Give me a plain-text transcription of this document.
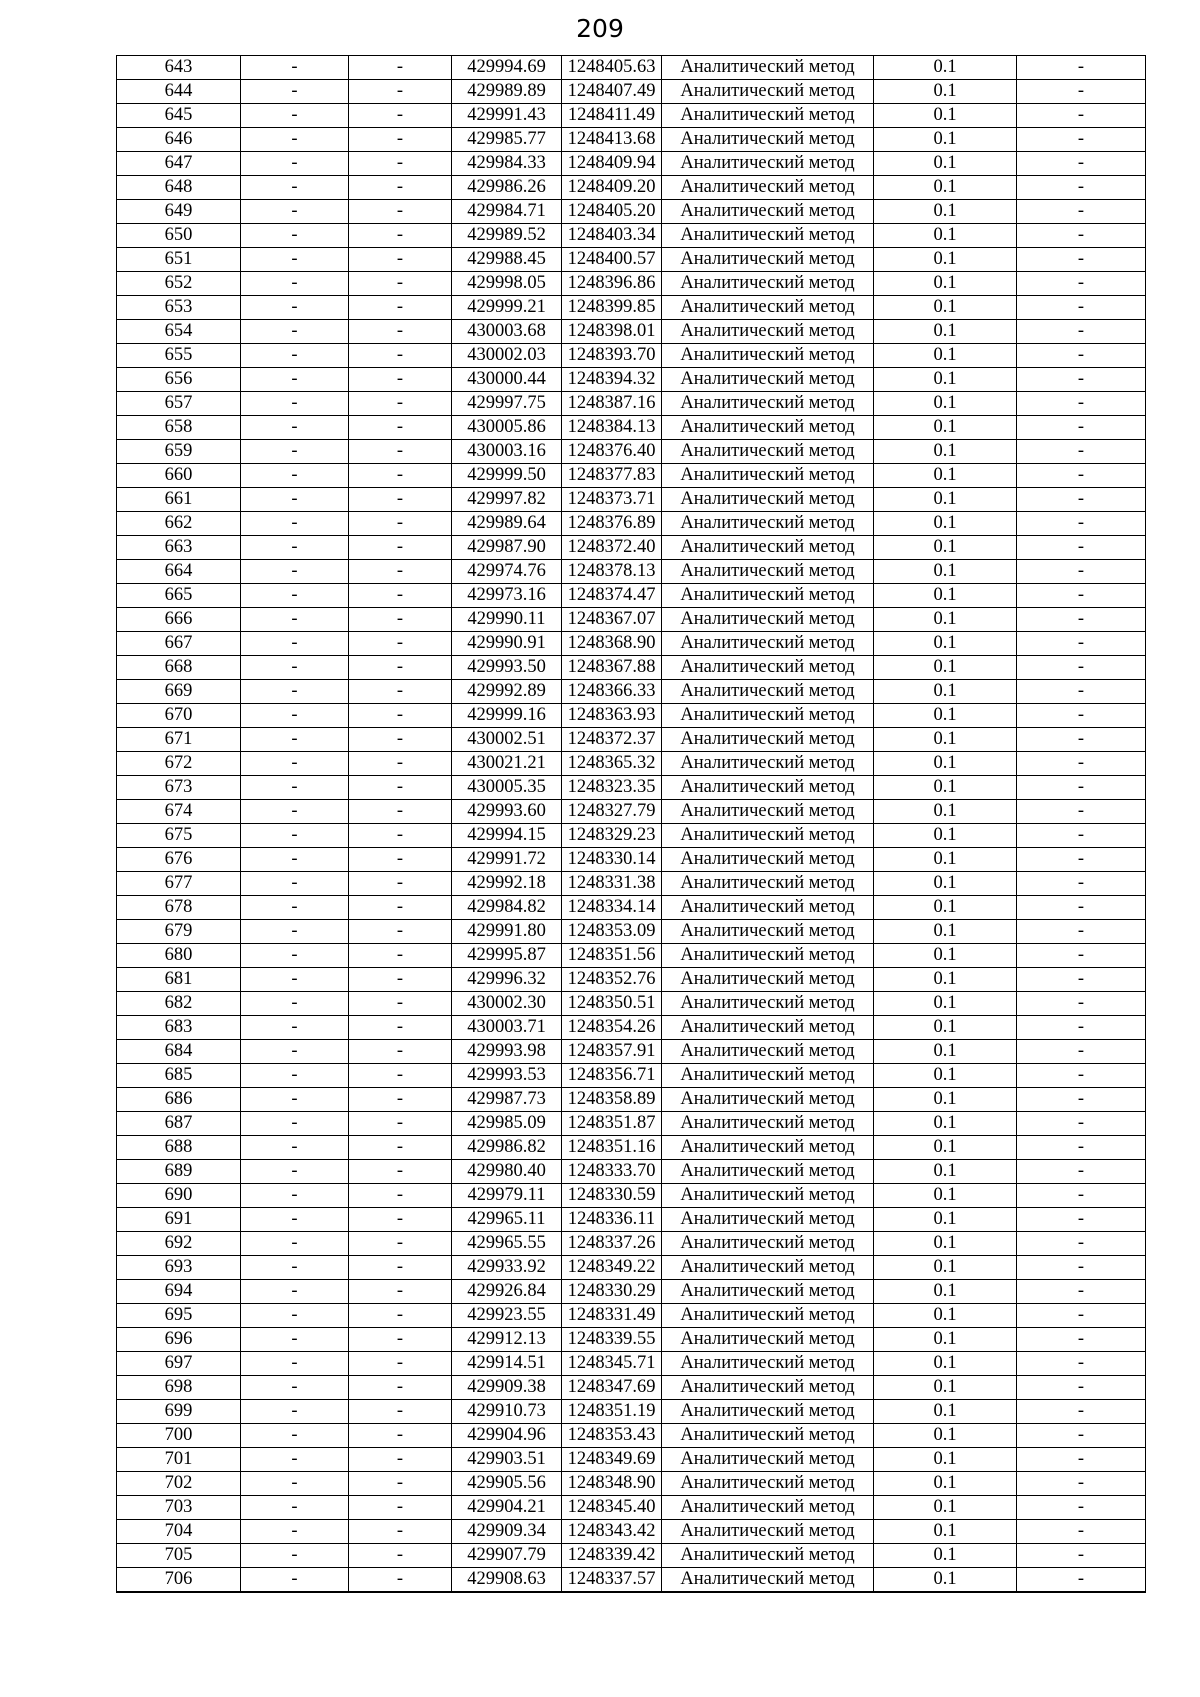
209
643	-	-	429994.69	1248405.63	Аналитический метод	0.1	-
644	-	-	429989.89	1248407.49	Аналитический метод	0.1	-
645	-	-	429991.43	1248411.49	Аналитический метод	0.1	-
646	-	-	429985.77	1248413.68	Аналитический метод	0.1	-
647	-	-	429984.33	1248409.94	Аналитический метод	0.1	-
648	-	-	429986.26	1248409.20	Аналитический метод	0.1	-
649	-	-	429984.71	1248405.20	Аналитический метод	0.1	-
650	-	-	429989.52	1248403.34	Аналитический метод	0.1	-
651	-	-	429988.45	1248400.57	Аналитический метод	0.1	-
652	-	-	429998.05	1248396.86	Аналитический метод	0.1	-
653	-	-	429999.21	1248399.85	Аналитический метод	0.1	-
654	-	-	430003.68	1248398.01	Аналитический метод	0.1	-
655	-	-	430002.03	1248393.70	Аналитический метод	0.1	-
656	-	-	430000.44	1248394.32	Аналитический метод	0.1	-
657	-	-	429997.75	1248387.16	Аналитический метод	0.1	-
658	-	-	430005.86	1248384.13	Аналитический метод	0.1	-
659	-	-	430003.16	1248376.40	Аналитический метод	0.1	-
660	-	-	429999.50	1248377.83	Аналитический метод	0.1	-
661	-	-	429997.82	1248373.71	Аналитический метод	0.1	-
662	-	-	429989.64	1248376.89	Аналитический метод	0.1	-
663	-	-	429987.90	1248372.40	Аналитический метод	0.1	-
664	-	-	429974.76	1248378.13	Аналитический метод	0.1	-
665	-	-	429973.16	1248374.47	Аналитический метод	0.1	-
666	-	-	429990.11	1248367.07	Аналитический метод	0.1	-
667	-	-	429990.91	1248368.90	Аналитический метод	0.1	-
668	-	-	429993.50	1248367.88	Аналитический метод	0.1	-
669	-	-	429992.89	1248366.33	Аналитический метод	0.1	-
670	-	-	429999.16	1248363.93	Аналитический метод	0.1	-
671	-	-	430002.51	1248372.37	Аналитический метод	0.1	-
672	-	-	430021.21	1248365.32	Аналитический метод	0.1	-
673	-	-	430005.35	1248323.35	Аналитический метод	0.1	-
674	-	-	429993.60	1248327.79	Аналитический метод	0.1	-
675	-	-	429994.15	1248329.23	Аналитический метод	0.1	-
676	-	-	429991.72	1248330.14	Аналитический метод	0.1	-
677	-	-	429992.18	1248331.38	Аналитический метод	0.1	-
678	-	-	429984.82	1248334.14	Аналитический метод	0.1	-
679	-	-	429991.80	1248353.09	Аналитический метод	0.1	-
680	-	-	429995.87	1248351.56	Аналитический метод	0.1	-
681	-	-	429996.32	1248352.76	Аналитический метод	0.1	-
682	-	-	430002.30	1248350.51	Аналитический метод	0.1	-
683	-	-	430003.71	1248354.26	Аналитический метод	0.1	-
684	-	-	429993.98	1248357.91	Аналитический метод	0.1	-
685	-	-	429993.53	1248356.71	Аналитический метод	0.1	-
686	-	-	429987.73	1248358.89	Аналитический метод	0.1	-
687	-	-	429985.09	1248351.87	Аналитический метод	0.1	-
688	-	-	429986.82	1248351.16	Аналитический метод	0.1	-
689	-	-	429980.40	1248333.70	Аналитический метод	0.1	-
690	-	-	429979.11	1248330.59	Аналитический метод	0.1	-
691	-	-	429965.11	1248336.11	Аналитический метод	0.1	-
692	-	-	429965.55	1248337.26	Аналитический метод	0.1	-
693	-	-	429933.92	1248349.22	Аналитический метод	0.1	-
694	-	-	429926.84	1248330.29	Аналитический метод	0.1	-
695	-	-	429923.55	1248331.49	Аналитический метод	0.1	-
696	-	-	429912.13	1248339.55	Аналитический метод	0.1	-
697	-	-	429914.51	1248345.71	Аналитический метод	0.1	-
698	-	-	429909.38	1248347.69	Аналитический метод	0.1	-
699	-	-	429910.73	1248351.19	Аналитический метод	0.1	-
700	-	-	429904.96	1248353.43	Аналитический метод	0.1	-
701	-	-	429903.51	1248349.69	Аналитический метод	0.1	-
702	-	-	429905.56	1248348.90	Аналитический метод	0.1	-
703	-	-	429904.21	1248345.40	Аналитический метод	0.1	-
704	-	-	429909.34	1248343.42	Аналитический метод	0.1	-
705	-	-	429907.79	1248339.42	Аналитический метод	0.1	-
706	-	-	429908.63	1248337.57	Аналитический метод	0.1	-
